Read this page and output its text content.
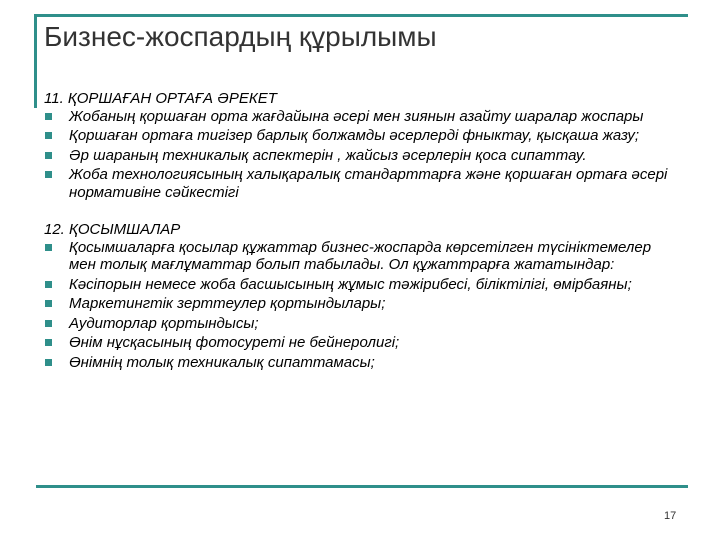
Бизнес-жоспардың құрылымы

11. ҚОРШАҒАН ОРТАҒА ӘРЕКЕТ

Жобаның қоршаған орта жағдайына әсері мен зиянын азайту шаралар жоспары
Қоршаған ортаға тигізер барлық болжамды әсерлерді фныктау, қысқаша жазу;
Әр шараның техникалық аспектерін , жайсыз әсерлерін қоса сипаттау.
Жоба технологиясының халықаралық стандарттарға және қоршаған ортаға әсері нормативіне сәйкестігі

12. ҚОСЫМШАЛАР

Қосымшаларға қосылар құжаттар бизнес-жоспарда көрсетілген түсініктемелер мен толық мағлұматтар болып табылады. Ол құжаттрарға жататындар:
Кәсіпорын немесе жоба басшысының жұмыс тәжірибесі, біліктілігі, өмірбаяны;
Маркетингтік зерттеулер қортындылары;
Аудиторлар қортындысы;
Өнім нұсқасының фотосуреті не бейнеролигі;
Өнімнің толық техникалық сипаттамасы;
17
